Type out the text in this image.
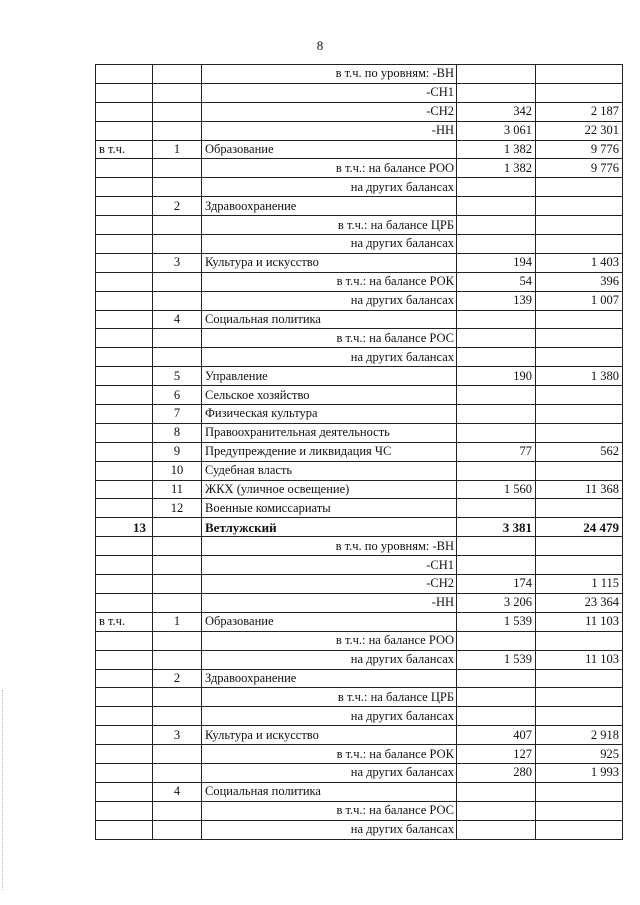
8
		в т.ч. по уровням: -ВН		
		-СН1		
		-СН2	342	2 187
		-НН	3 061	22 301
в т.ч.	1	Образование	1 382	9 776
		в т.ч.: на балансе РОО	1 382	9 776
		на других балансах		
	2	Здравоохранение		
		в т.ч.: на балансе ЦРБ		
		на других балансах		
	3	Культура и искусство	194	1 403
		в т.ч.: на балансе РОК	54	396
		на других балансах	139	1 007
	4	Социальная политика		
		в т.ч.: на балансе РОС		
		на других балансах		
	5	Управление	190	1 380
	6	Сельское хозяйство		
	7	Физическая культура		
	8	Правоохранительная деятельность		
	9	Предупреждение и ликвидация ЧС	77	562
	10	Судебная власть		
	11	ЖКХ (уличное освещение)	1 560	11 368
	12	Военные комиссариаты		
13		Ветлужский	3 381	24 479
		в т.ч. по уровням: -ВН		
		-СН1		
		-СН2	174	1 115
		-НН	3 206	23 364
в т.ч.	1	Образование	1 539	11 103
		в т.ч.: на балансе РОО		
		на других балансах	1 539	11 103
	2	Здравоохранение		
		в т.ч.: на балансе ЦРБ		
		на других балансах		
	3	Культура и искусство	407	2 918
		в т.ч.: на балансе РОК	127	925
		на других балансах	280	1 993
	4	Социальная политика		
		в т.ч.: на балансе РОС		
		на других балансах		
